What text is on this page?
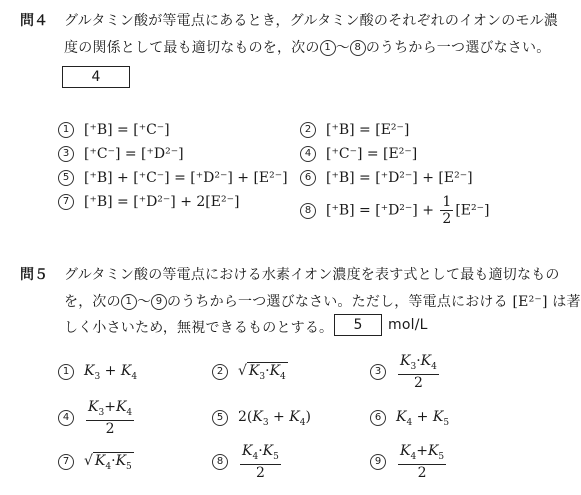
問４ グルタミン酸が等電点にあるとき，グルタミン酸のそれぞれのイオンのモル濃
度の関係として最も適切なものを，次の 1 ～ 8 のうちから一つ選びなさい。
4
1 [⁺B] = [⁺C⁻]	2 [⁺B] = [E²⁻]
3 [⁺C⁻] = [⁺D²⁻]	4 [⁺C⁻] = [E²⁻]
5 [⁺B] + [⁺C⁻] = [⁺D²⁻] + [E²⁻]	6 [⁺B] = [⁺D²⁻] + [E²⁻]
7 [⁺B] = [⁺D²⁻] + 2[E²⁻]	8 $[^+B] = [^+D^{2-}] + \frac{1}{2} [E^{2-}]$
問５ グルタミン酸の等電点における水素イオン濃度を表す式として最も適切なもの
を，次の 1 ～ 9 のうちから一つ選びなさい。ただし，等電点における [E²⁻] は著
しく小さいため，無視できるものとする。	5	mol/L
1	$K_3 + K_4$	2	√ $K_3\cdot K_4$	3	$\frac{K_3\cdot K_4}{2}$
4	$\frac{K_3+K_4}{2}$	5	$2(K_3 + K_4)$	6	$K_4 + K_5$
7	√ $K_4\cdot K_5$	8	$\frac{K_4\cdot K_5}{2}$	9	$\frac{K_4+K_5}{2}$
